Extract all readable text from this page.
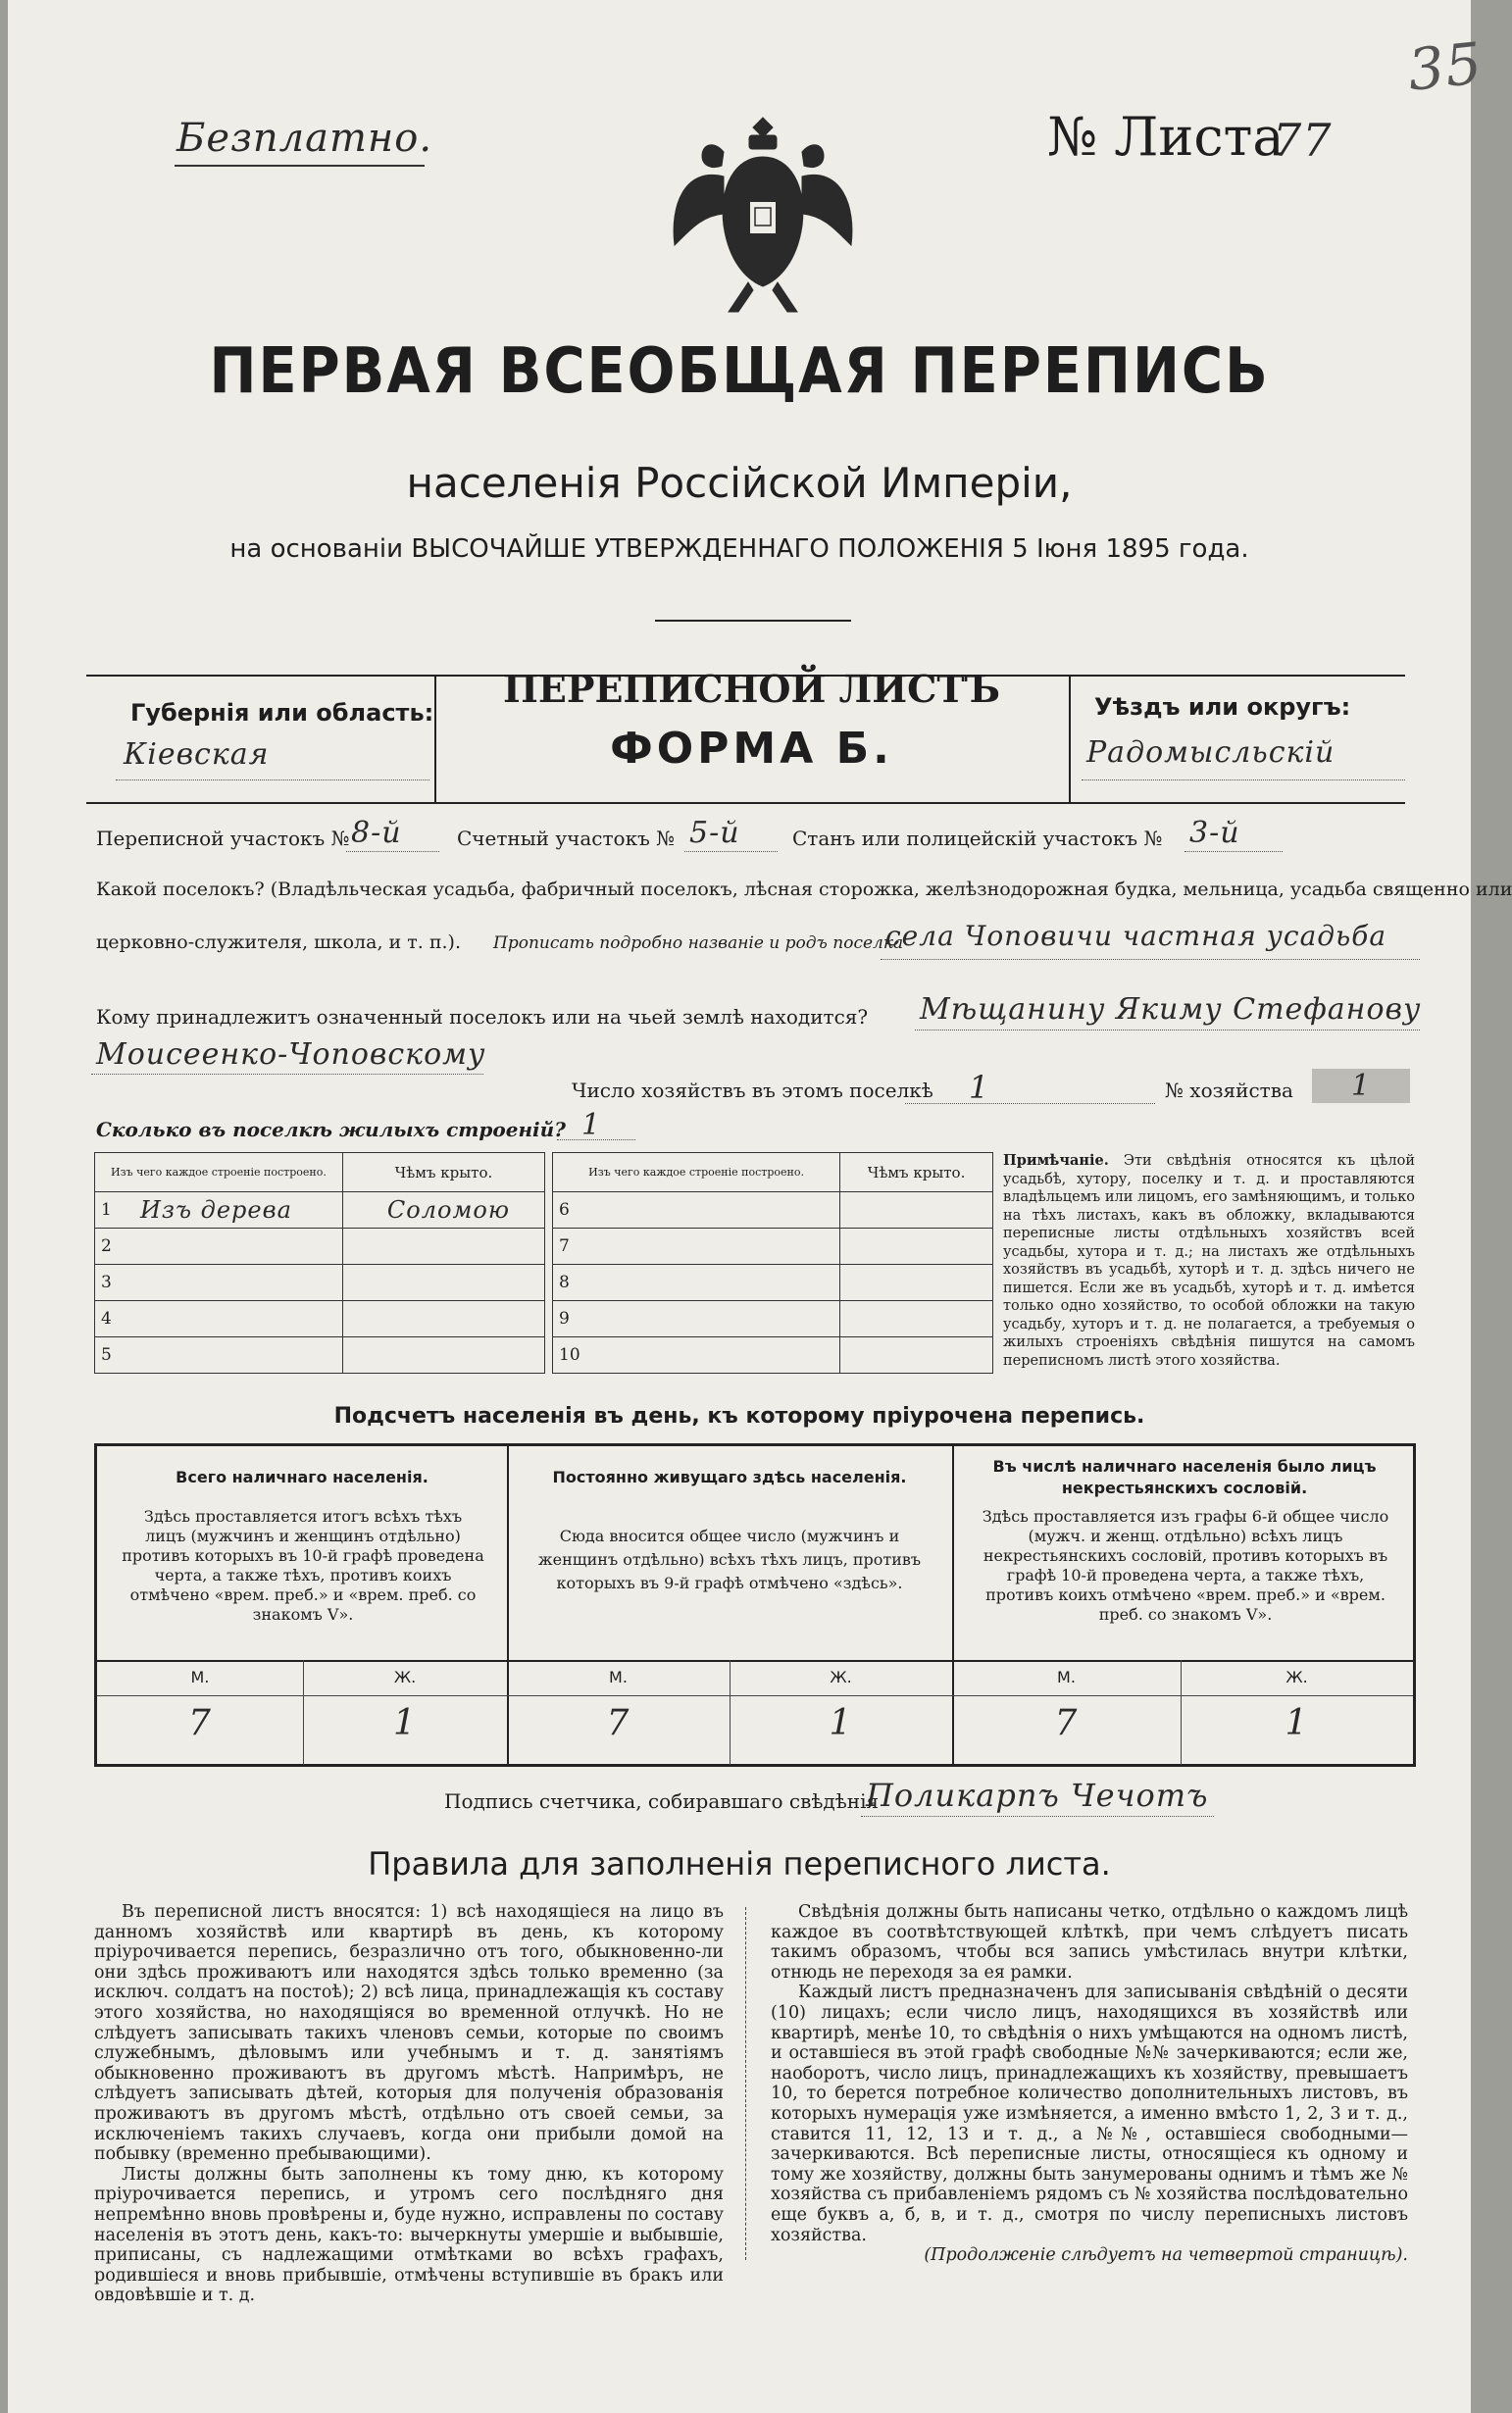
Безплатно.	№ Листа
77
35
ПЕРВАЯ ВСЕОБЩАЯ ПЕРЕПИСЬ
населенія Россійской Имперіи,
на основаніи ВЫСОЧАЙШЕ УТВЕРЖДЕННАГО ПОЛОЖЕНІЯ 5 Іюня 1895 года.
Губернія или область:
Кіевская
ПЕРЕПИСНОЙ ЛИСТЪ
ФОРМА Б.
Уѣздъ или округъ:
Радомысльскій
Переписной участокъ № 8-й	Счетный участокъ № 5-й	Станъ или полицейскій участокъ № 3-й
Какой поселокъ? (Владѣльческая усадьба, фабричный поселокъ, лѣсная сторожка, желѣзнодорожная будка, мельница, усадьба священно или
церковно-служителя, школа, и т. п.). Прописать подробно названіе и родъ поселка
села Чоповичи частная усадьба
Кому принадлежитъ означенный поселокъ или на чьей землѣ находится? Мѣщанину Якиму Стефанову
Моисеенко-Чоповскому
Число хозяйствъ въ этомъ поселкѣ 1	№ хозяйства	1
Сколько въ поселкѣ жилыхъ строеній? 1
Изъ чего каждое строеніе построено.		Чѣмъ крыто.
1	Изъ дерева	Соломою
2		
3		
4		
5		
Изъ чего каждое строеніе построено.		Чѣмъ крыто.
6		
7		
8		
9		
10		
Примѣчаніе. Эти свѣдѣнія относятся къ цѣлой усадьбѣ, хутору, поселку и т. д. и проставляются владѣльцемъ или лицомъ, его замѣняющимъ, и только на тѣхъ листахъ, какъ въ обложку, вкладываются переписные листы отдѣльныхъ хозяйствъ всей усадьбы, хутора и т. д.; на листахъ же отдѣльныхъ хозяйствъ въ усадьбѣ, хуторѣ и т. д. здѣсь ничего не пишется. Если же въ усадьбѣ, хуторѣ и т. д. имѣется только одно хозяйство, то особой обложки на такую усадьбу, хуторъ и т. д. не полагается, а требуемыя о жилыхъ строеніяхъ свѣдѣнія пишутся на самомъ переписномъ листѣ этого хозяйства.
Подсчетъ населенія въ день, къ которому пріурочена перепись.
Всего наличнаго населенія.
Здѣсь проставляется итогъ всѣхъ тѣхъ лицъ (мужчинъ и женщинъ отдѣльно) противъ которыхъ въ 10-й графѣ проведена черта, а также тѣхъ, противъ коихъ отмѣчено «врем. преб.» и «врем. преб. со знакомъ V».
Постоянно живущаго здѣсь населенія.
Сюда вносится общее число (мужчинъ и женщинъ отдѣльно) всѣхъ тѣхъ лицъ, противъ которыхъ въ 9-й графѣ отмѣчено «здѣсь».
Въ числѣ наличнаго населенія было лицъ некрестьянскихъ сословій.
Здѣсь проставляется изъ графы 6-й общее число (мужч. и женщ. отдѣльно) всѣхъ лицъ некрестьянскихъ сословій, противъ которыхъ въ графѣ 10-й проведена черта, а также тѣхъ, противъ коихъ отмѣчено «врем. преб.» и «врем. преб. со знакомъ V».
М.	Ж.	М.	Ж.	М.	Ж.
7	1	7	1	7	1
Подпись счетчика, собиравшаго свѣдѣнія
Поликарпъ Чечотъ
Правила для заполненія переписного листа.

Въ переписной листъ вносятся: 1) всѣ находящіеся на лицо въ данномъ хозяйствѣ или квартирѣ въ день, къ которому пріурочивается перепись, безразлично отъ того, обыкновенно-ли они здѣсь проживаютъ или находятся здѣсь только временно (за исключ. солдатъ на постоѣ); 2) всѣ лица, принадлежащія къ составу этого хозяйства, но находящіяся во временной отлучкѣ. Но не слѣдуетъ записывать такихъ членовъ семьи, которые по своимъ служебнымъ, дѣловымъ или учебнымъ и т. д. занятіямъ обыкновенно проживаютъ въ другомъ мѣстѣ. Напримѣръ, не слѣдуетъ записывать дѣтей, которыя для полученія образованія проживаютъ въ другомъ мѣстѣ, отдѣльно отъ своей семьи, за исключеніемъ такихъ случаевъ, когда они прибыли домой на побывку (временно пребывающими).

Листы должны быть заполнены къ тому дню, къ которому пріурочивается перепись, и утромъ сего послѣдняго дня непремѣнно вновь провѣрены и, буде нужно, исправлены по составу населенія въ этотъ день, какъ-то: вычеркнуты умершіе и выбывшіе, приписаны, съ надлежащими отмѣтками во всѣхъ графахъ, родившіеся и вновь прибывшіе, отмѣчены вступившіе въ бракъ или овдовѣвшіе и т. д.

Свѣдѣнія должны быть написаны четко, отдѣльно о каждомъ лицѣ каждое въ соотвѣтствующей клѣткѣ, при чемъ слѣдуетъ писать такимъ образомъ, чтобы вся запись умѣстилась внутри клѣтки, отнюдь не переходя за ея рамки.

Каждый листъ предназначенъ для записыванія свѣдѣній о десяти (10) лицахъ; если число лицъ, находящихся въ хозяйствѣ или квартирѣ, менѣе 10, то свѣдѣнія о нихъ умѣщаются на одномъ листѣ, и оставшіеся въ этой графѣ свободные №№ зачеркиваются; если же, наоборотъ, число лицъ, принадлежащихъ къ хозяйству, превышаетъ 10, то берется потребное количество дополнительныхъ листовъ, въ которыхъ нумерація уже измѣняется, а именно вмѣсто 1, 2, 3 и т. д., ставится 11, 12, 13 и т. д., а №№, оставшіеся свободными—зачеркиваются. Всѣ переписные листы, относящіеся къ одному и тому же хозяйству, должны быть занумерованы однимъ и тѣмъ же № хозяйства съ прибавленіемъ рядомъ съ № хозяйства послѣдовательно еще буквъ а, б, в, и т. д., смотря по числу переписныхъ листовъ хозяйства.

(Продолженіе слѣдуетъ на четвертой страницѣ).
